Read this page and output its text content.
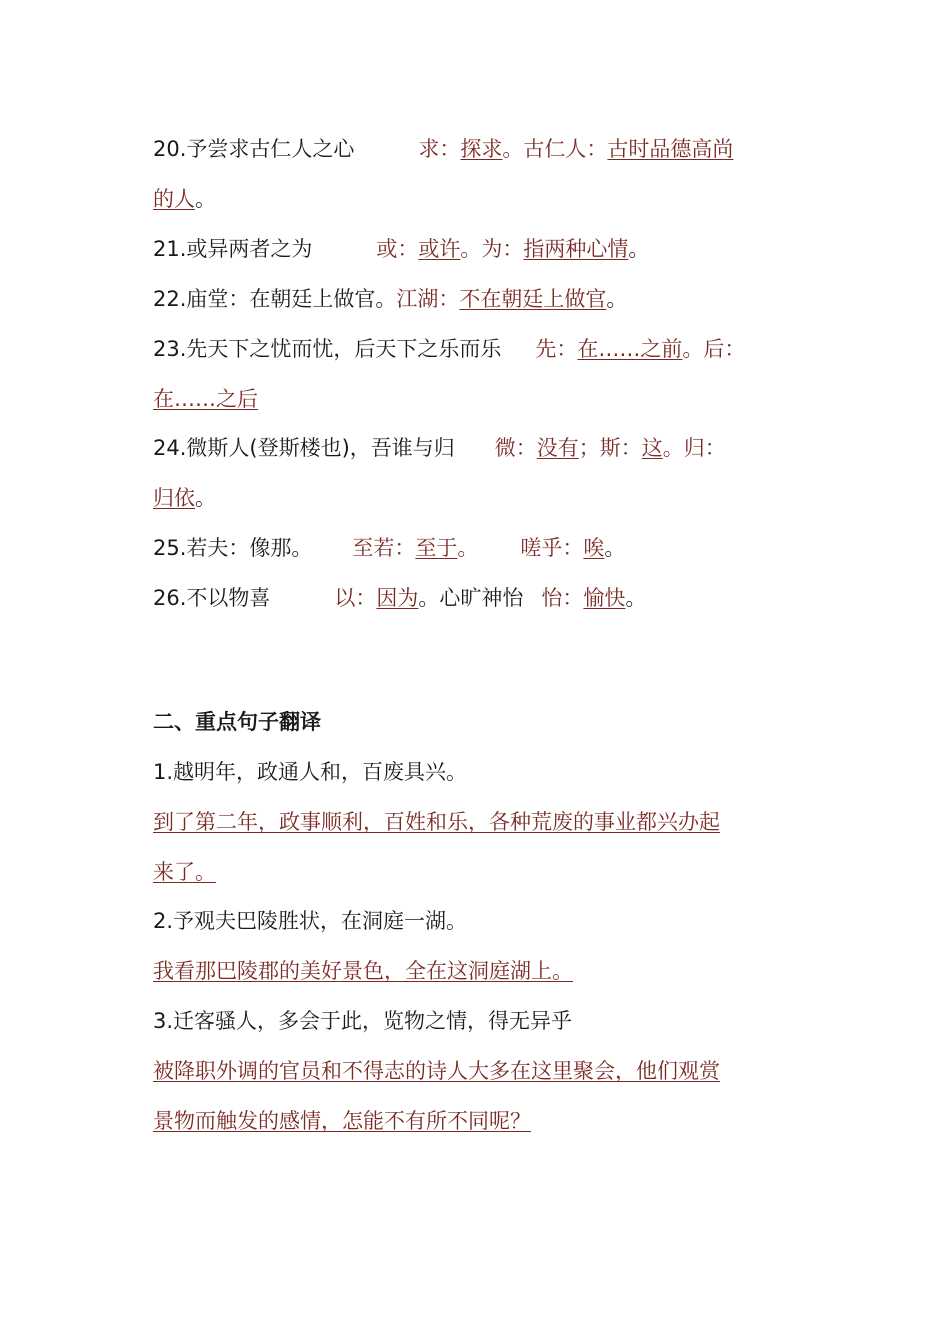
20.予尝求古仁人之心	求：探求。古仁人：古时品德高尚
的人。
21.或异两者之为	或：或许。为：指两种心情。
22.庙堂：在朝廷上做官。江湖：不在朝廷上做官。
23.先天下之忧而忧，后天下之乐而乐 先：在……之前。后：
在……之后
24.微斯人(登斯楼也)，吾谁与归 微：没有；斯：这。归：
归依。
25.若夫：像那。 至若：至于。 嗟乎：唉。
26.不以物喜	以：因为。心旷神怡 怡：愉快。
二、重点句子翻译
1.越明年，政通人和，百废具兴。
到了第二年，政事顺利，百姓和乐，各种荒废的事业都兴办起
来了。
2.予观夫巴陵胜状，在洞庭一湖。
我看那巴陵郡的美好景色，全在这洞庭湖上。
3.迁客骚人，多会于此，览物之情，得无异乎
被降职外调的官员和不得志的诗人大多在这里聚会，他们观赏
景物而触发的感情，怎能不有所不同呢？
